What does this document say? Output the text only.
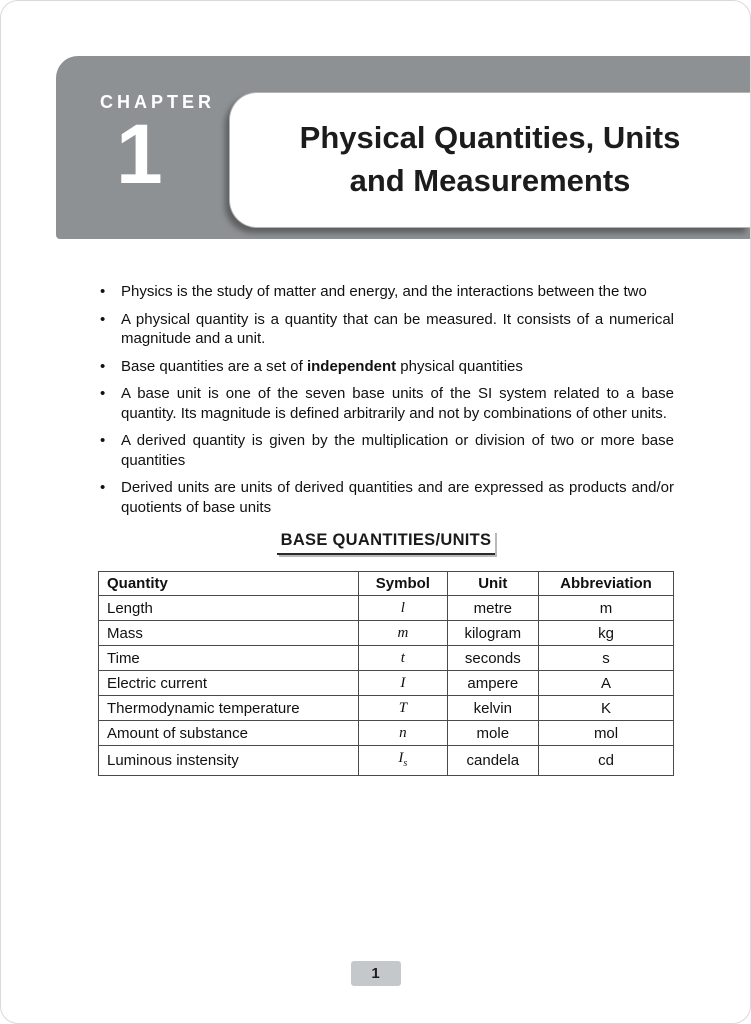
CHAPTER
1	Physical Quantities, Units
and Measurements
• Physics is the study of matter and energy, and the interactions between the two
• A physical quantity is a quantity that can be measured. It consists of a numerical magnitude and a unit.
• Base quantities are a set of independent physical quantities
• A base unit is one of the seven base units of the SI system related to a base quantity. Its magnitude is defined arbitrarily and not by combinations of other units.
• A derived quantity is given by the multiplication or division of two or more base quantities
• Derived units are units of derived quantities and are expressed as products and/or quotients of base units
BASE QUANTITIES/UNITS
Quantity	Symbol	Unit	Abbreviation
Length	l	metre	m
Mass	m	kilogram	kg
Time	t	seconds	s
Electric current	I	ampere	A
Thermodynamic temperature	T	kelvin	K
Amount of substance	n	mole	mol
Luminous instensity	$I_s$	candela	cd
1
